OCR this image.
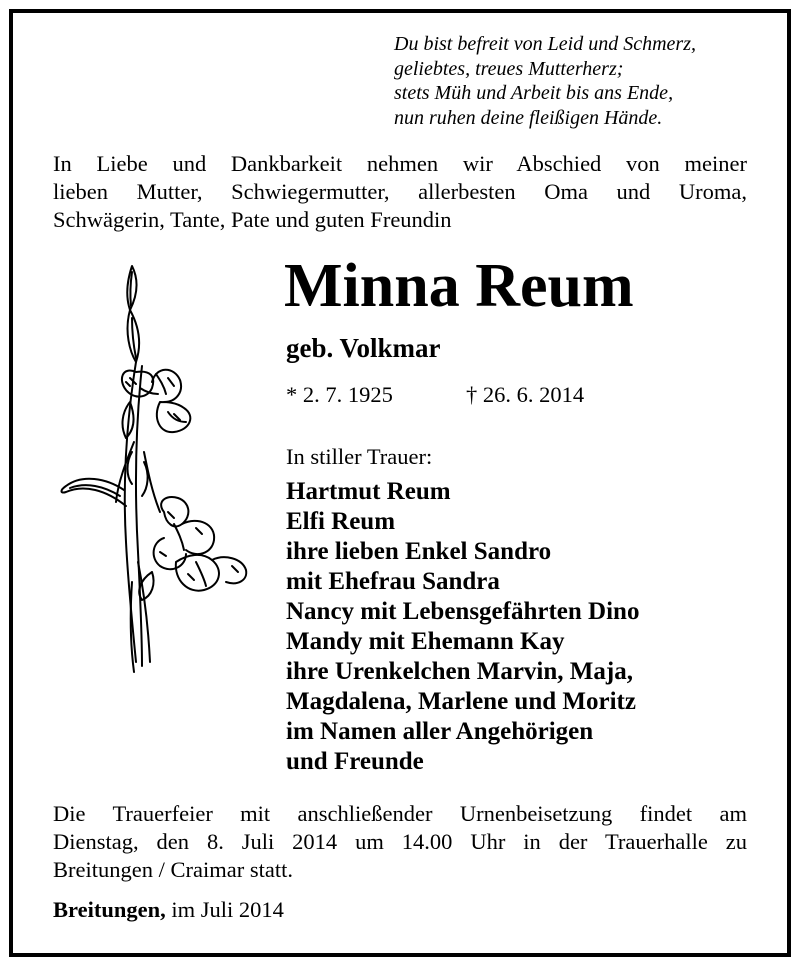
Du bist befreit von Leid und Schmerz,
geliebtes, treues Mutterherz;
stets Müh und Arbeit bis ans Ende,
nun ruhen deine fleißigen Hände.
In Liebe und Dankbarkeit nehmen wir Abschied von meiner
lieben Mutter, Schwiegermutter, allerbesten Oma und Uroma,
Schwägerin, Tante, Pate und guten Freundin
Minna Reum
geb. Volkmar
* 2. 7. 1925	† 26. 6. 2014
In stiller Trauer:
Hartmut Reum
Elfi Reum
ihre lieben Enkel Sandro
mit Ehefrau Sandra
Nancy mit Lebensgefährten Dino
Mandy mit Ehemann Kay
ihre Urenkelchen Marvin, Maja,
Magdalena, Marlene und Moritz
im Namen aller Angehörigen
und Freunde
Die Trauerfeier mit anschließender Urnenbeisetzung findet am
Dienstag, den 8. Juli 2014 um 14.00 Uhr in der Trauerhalle zu
Breitungen / Craimar statt.
Breitungen, im Juli 2014
